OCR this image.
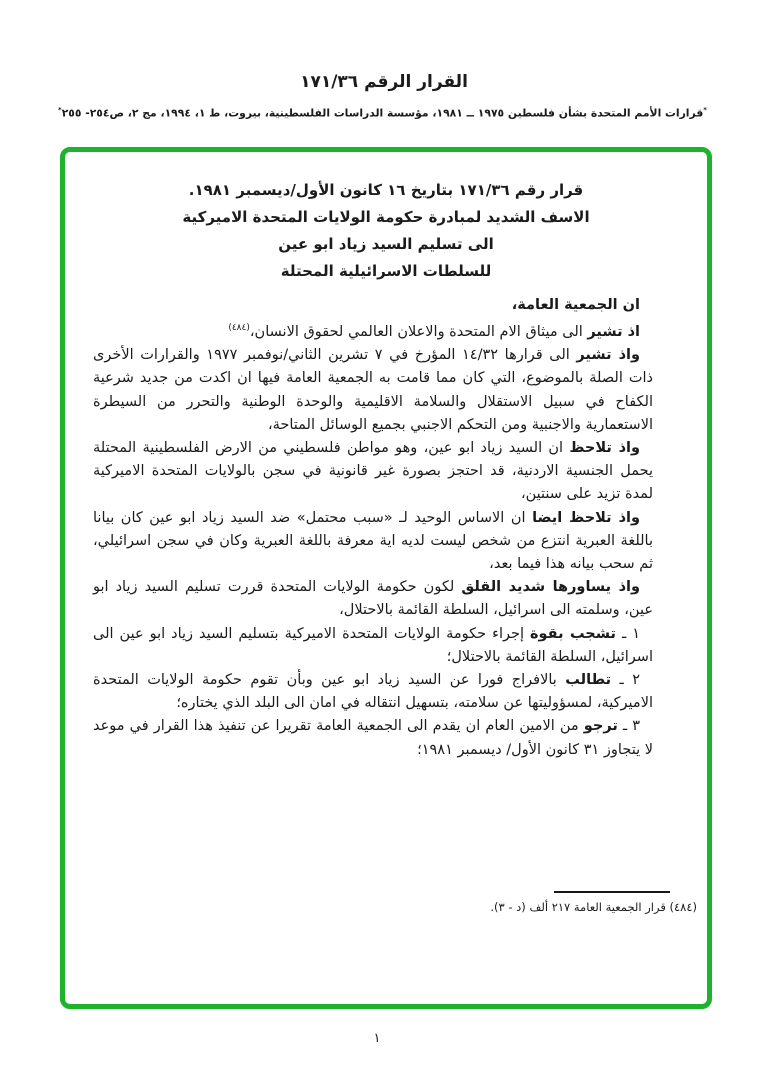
القرار الرقم ١٧١/٣٦
*قرارات الأمم المتحدة بشأن فلسطين ١٩٧٥ ــ ١٩٨١، مؤسسة الدراسات الفلسطينية، بيروت، ط ١، ١٩٩٤، مج ٢، ص٢٥٤- ٢٥٥*
قرار رقم ١٧١/٣٦ بتاريخ ١٦ كانون الأول/ديسمبر ١٩٨١.
الاسف الشديد لمبادرة حكومة الولايات المتحدة الاميركية
الى تسليم السيد زياد ابو عين
للسلطات الاسرائيلية المحتلة

ان الجمعية العامة،

اذ تشير الى ميثاق الام المتحدة والاعلان العالمي لحقوق الانسان،$^{(٤٨٤)}$

واذ تشير الى قرارها ١٤/٣٢ المؤرخ في ٧ تشرين الثاني/نوفمبر ١٩٧٧ والقرارات الأخرى ذات الصلة بالموضوع، التي كان مما قامت به الجمعية العامة فيها ان اكدت من جديد شرعية الكفاح في سبيل الاستقلال والسلامة الاقليمية والوحدة الوطنية والتحرر من السيطرة الاستعمارية والاجنبية ومن التحكم الاجنبي بجميع الوسائل المتاحة،

واذ تلاحظ ان السيد زياد ابو عين، وهو مواطن فلسطيني من الارض الفلسطينية المحتلة يحمل الجنسية الاردنية، قد احتجز بصورة غير قانونية في سجن بالولايات المتحدة الاميركية لمدة تزيد على سنتين،

واذ تلاحظ ايضا ان الاساس الوحيد لـ «سبب محتمل» ضد السيد زياد ابو عين كان بيانا باللغة العبرية انتزع من شخص ليست لديه اية معرفة باللغة العبرية وكان في سجن اسرائيلي، ثم سحب بيانه هذا فيما بعد،

واذ يساورها شديد القلق لكون حكومة الولايات المتحدة قررت تسليم السيد زياد ابو عين، وسلمته الى اسرائيل، السلطة القائمة بالاحتلال،

١ ـ تشجب بقوة إجراء حكومة الولايات المتحدة الاميركية بتسليم السيد زياد ابو عين الى اسرائيل، السلطة القائمة بالاحتلال؛

٢ ـ تطالب بالافراج فورا عن السيد زياد ابو عين وبأن تقوم حكومة الولايات المتحدة الاميركية، لمسؤوليتها عن سلامته، بتسهيل انتقاله في امان الى البلد الذي يختاره؛

٣ ـ ترجو من الامين العام ان يقدم الى الجمعية العامة تقريرا عن تنفيذ هذا القرار في موعد لا يتجاوز ٣١ كانون الأول/ ديسمبر ١٩٨١؛

(٤٨٤) قرار الجمعية العامة ٢١٧ ألف (د - ٣).
١
